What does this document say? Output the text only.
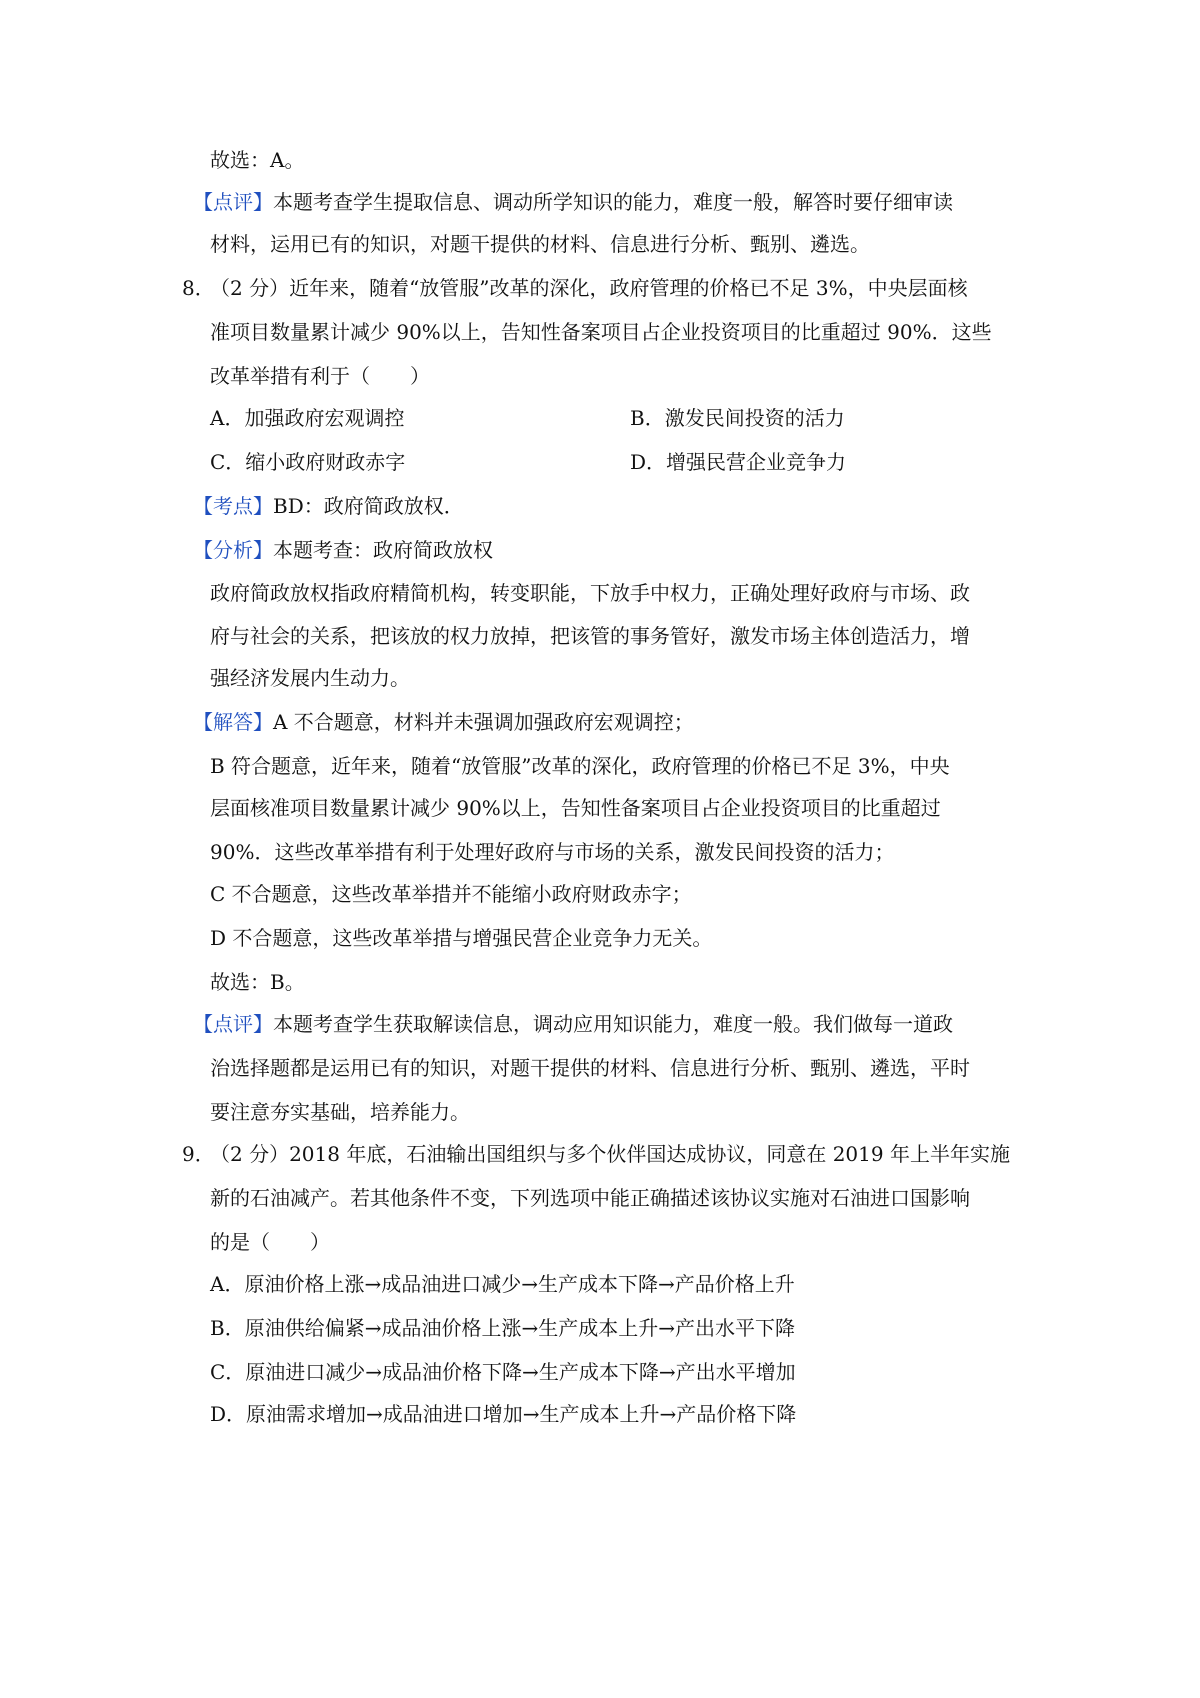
故选：A。
【点评】本题考查学生提取信息、调动所学知识的能力，难度一般，解答时要仔细审读
材料，运用已有的知识，对题干提供的材料、信息进行分析、甄别、遴选。
8．
（2 分）近年来，随着“放管服”改革的深化，政府管理的价格已不足 3%，中央层面核
准项目数量累计减少 90%以上，告知性备案项目占企业投资项目的比重超过 90%．这些
改革举措有利于（　　）
A．加强政府宏观调控	B．激发民间投资的活力
C．缩小政府财政赤字	D．增强民营企业竞争力
【考点】BD：政府简政放权．
【分析】本题考查：政府简政放权
政府简政放权指政府精简机构，转变职能，下放手中权力，正确处理好政府与市场、政
府与社会的关系，把该放的权力放掉，把该管的事务管好，激发市场主体创造活力，增
强经济发展内生动力。
【解答】A 不合题意，材料并未强调加强政府宏观调控；
B 符合题意，近年来，随着“放管服”改革的深化，政府管理的价格已不足 3%，中央
层面核准项目数量累计减少 90%以上，告知性备案项目占企业投资项目的比重超过
90%．这些改革举措有利于处理好政府与市场的关系，激发民间投资的活力；
C 不合题意，这些改革举措并不能缩小政府财政赤字；
D 不合题意，这些改革举措与增强民营企业竞争力无关。
故选：B。
【点评】本题考查学生获取解读信息，调动应用知识能力，难度一般。我们做每一道政
治选择题都是运用已有的知识，对题干提供的材料、信息进行分析、甄别、遴选，平时
要注意夯实基础，培养能力。
9．
（2 分）2018 年底，石油输出国组织与多个伙伴国达成协议，同意在 2019 年上半年实施
新的石油减产。若其他条件不变，下列选项中能正确描述该协议实施对石油进口国影响
的是（　　）
A．原油价格上涨→成品油进口减少→生产成本下降→产品价格上升
B．原油供给偏紧→成品油价格上涨→生产成本上升→产出水平下降
C．原油进口减少→成品油价格下降→生产成本下降→产出水平增加
D．原油需求增加→成品油进口增加→生产成本上升→产品价格下降
